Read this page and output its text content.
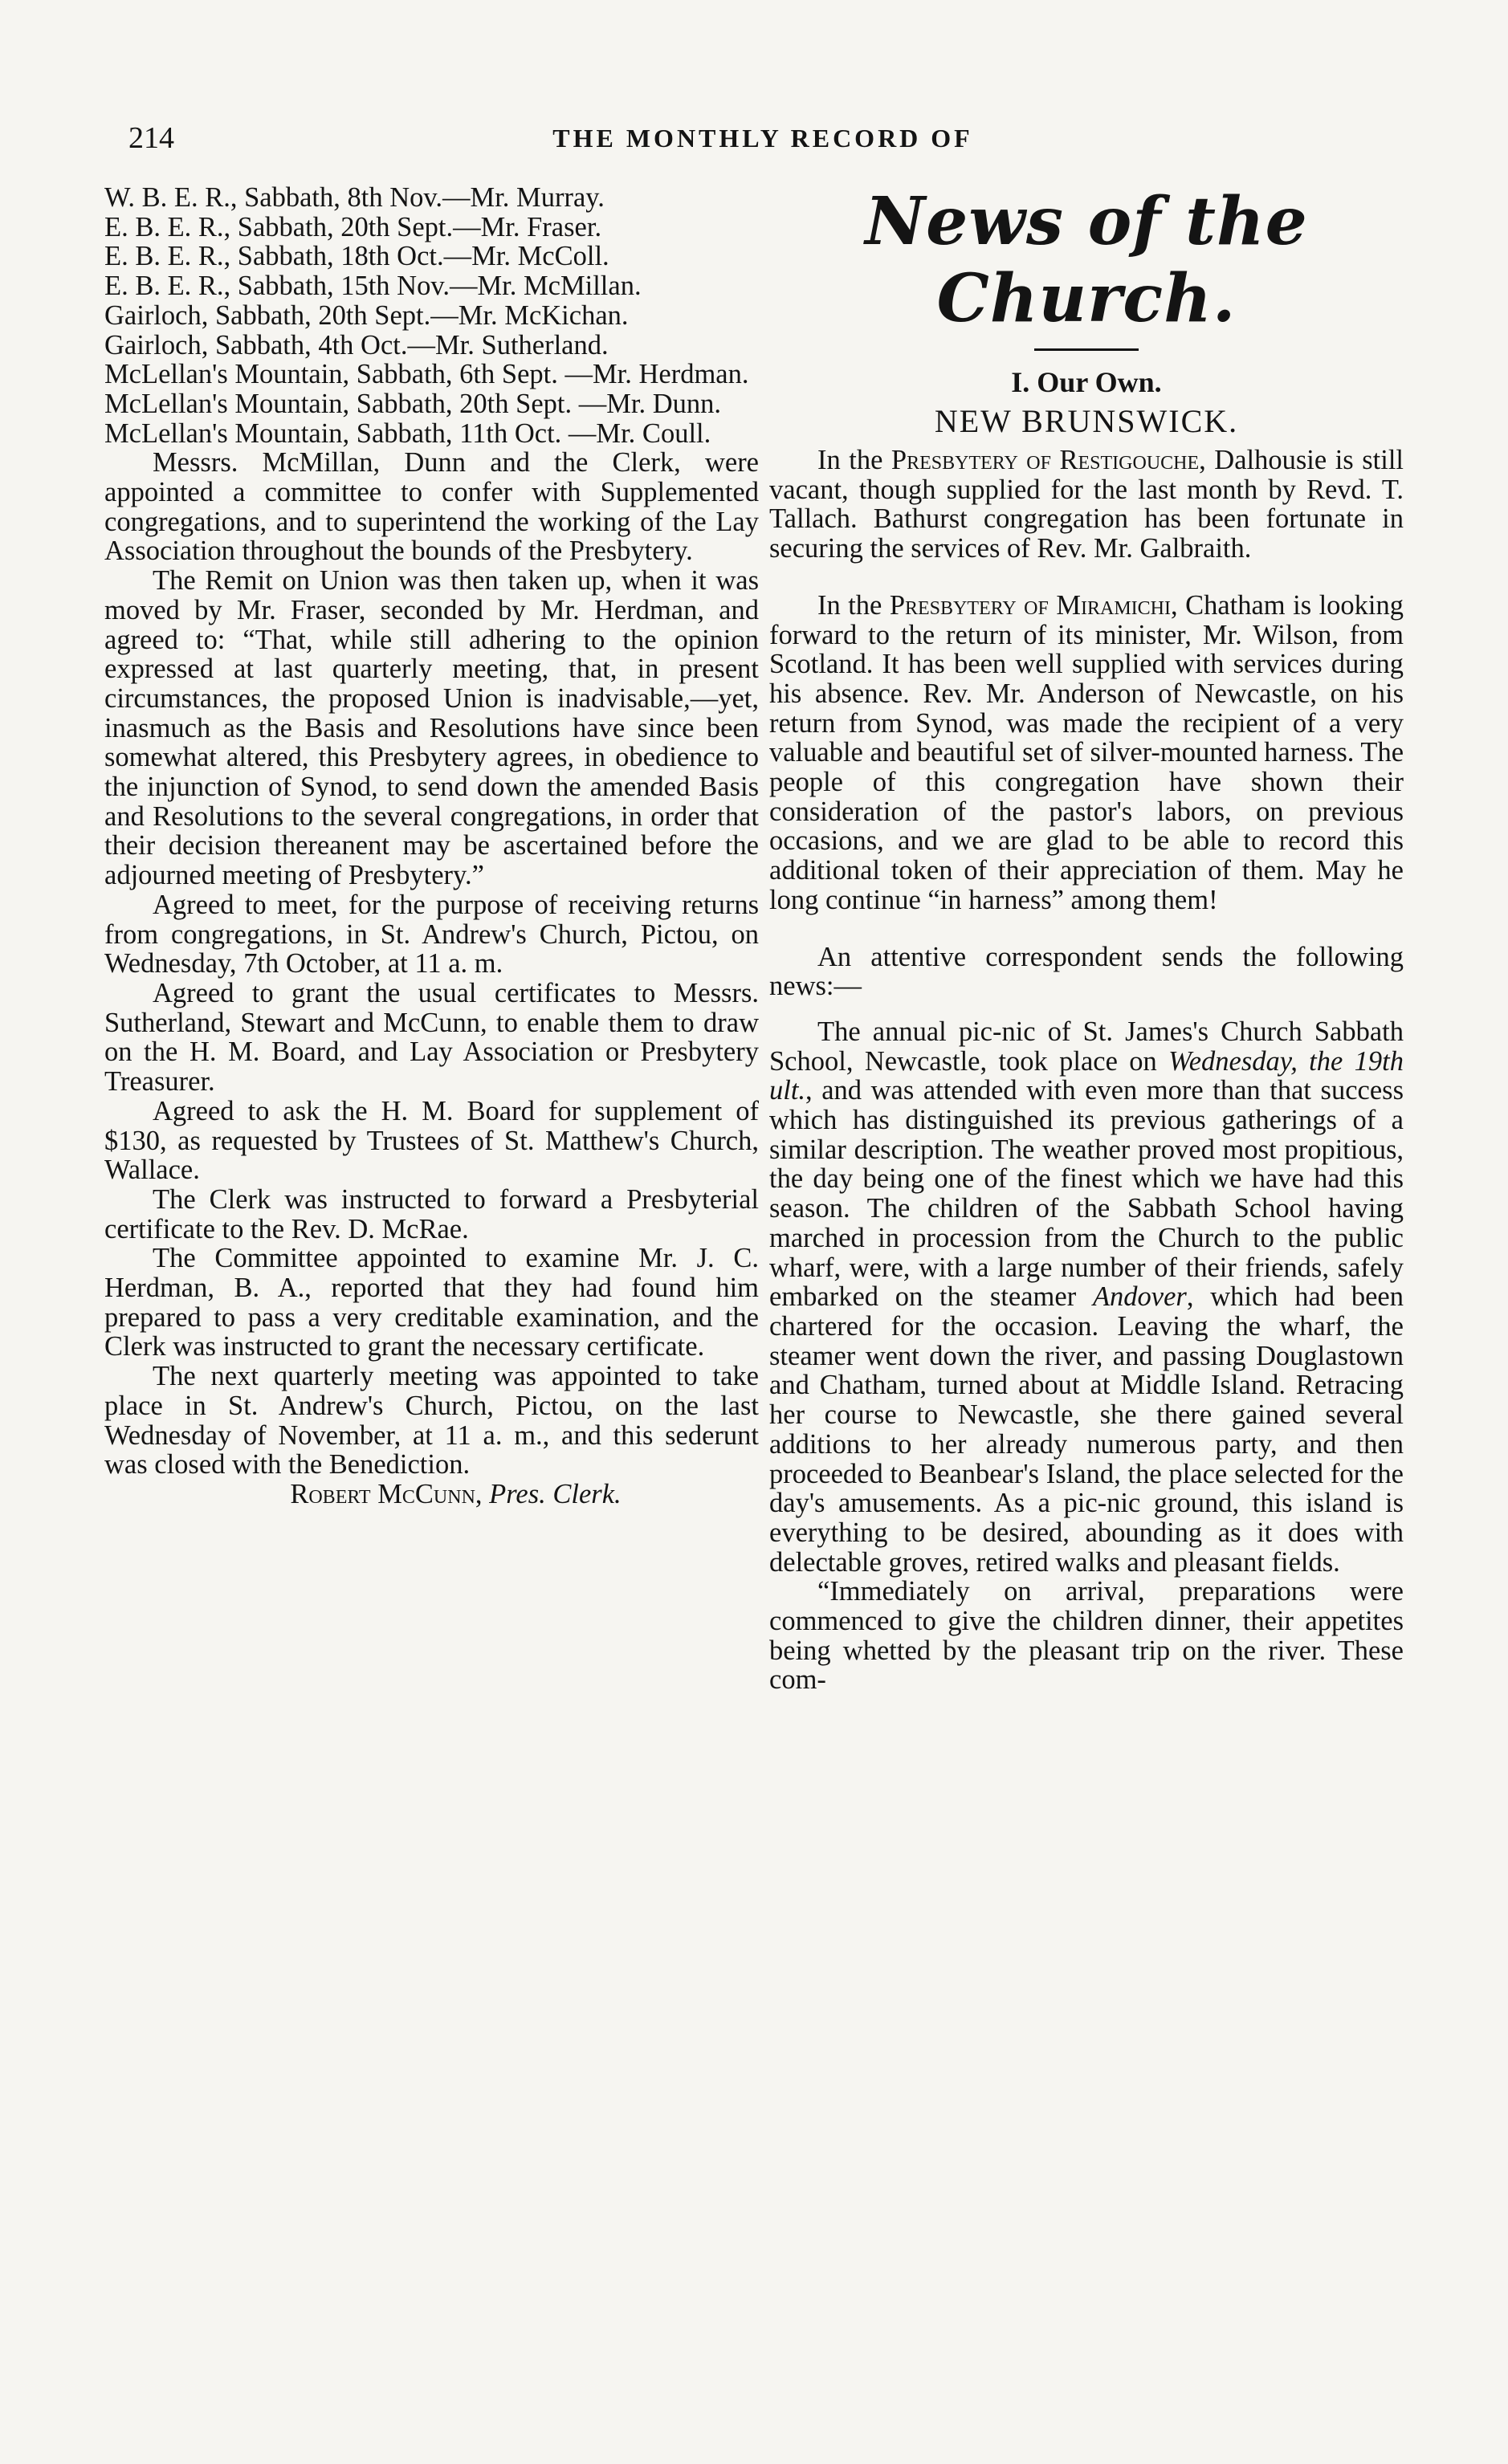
214	THE MONTHLY RECORD OF

W. B. E. R., Sabbath, 8th Nov.—Mr. Murray.

E. B. E. R., Sabbath, 20th Sept.—Mr. Fraser.

E. B. E. R., Sabbath, 18th Oct.—Mr. McColl.

E. B. E. R., Sabbath, 15th Nov.—Mr. McMillan.

Gairloch, Sabbath, 20th Sept.—Mr. McKichan.

Gairloch, Sabbath, 4th Oct.—Mr. Sutherland.

McLellan's Mountain, Sabbath, 6th Sept. —Mr. Herdman.

McLellan's Mountain, Sabbath, 20th Sept. —Mr. Dunn.

McLellan's Mountain, Sabbath, 11th Oct. —Mr. Coull.

Messrs. McMillan, Dunn and the Clerk, were appointed a committee to confer with Supplemented congregations, and to superintend the working of the Lay Association throughout the bounds of the Presbytery.

The Remit on Union was then taken up, when it was moved by Mr. Fraser, seconded by Mr. Herdman, and agreed to: “That, while still adhering to the opinion expressed at last quarterly meeting, that, in present circumstances, the proposed Union is inadvisable,—yet, inasmuch as the Basis and Resolutions have since been somewhat altered, this Presbytery agrees, in obedience to the injunction of Synod, to send down the amended Basis and Resolutions to the several congregations, in order that their decision thereanent may be ascertained before the adjourned meeting of Presbytery.”

Agreed to meet, for the purpose of receiving returns from congregations, in St. Andrew's Church, Pictou, on Wednesday, 7th October, at 11 a. m.

Agreed to grant the usual certificates to Messrs. Sutherland, Stewart and McCunn, to enable them to draw on the H. M. Board, and Lay Association or Presbytery Treasurer.

Agreed to ask the H. M. Board for supplement of $130, as requested by Trustees of St. Matthew's Church, Wallace.

The Clerk was instructed to forward a Presbyterial certificate to the Rev. D. McRae.

The Committee appointed to examine Mr. J. C. Herdman, B. A., reported that they had found him prepared to pass a very creditable examination, and the Clerk was instructed to grant the necessary certificate.

The next quarterly meeting was appointed to take place in St. Andrew's Church, Pictou, on the last Wednesday of November, at 11 a. m., and this sederunt was closed with the Benediction.

Robert McCunn, Pres. Clerk.

News of the Church.
I. Our Own.
NEW BRUNSWICK.

In the Presbytery of Restigouche, Dalhousie is still vacant, though supplied for the last month by Revd. T. Tallach. Bathurst congregation has been fortunate in securing the services of Rev. Mr. Galbraith.

In the Presbytery of Miramichi, Chatham is looking forward to the return of its minister, Mr. Wilson, from Scotland. It has been well supplied with services during his absence. Rev. Mr. Anderson of Newcastle, on his return from Synod, was made the recipient of a very valuable and beautiful set of silver-mounted harness. The people of this congregation have shown their consideration of the pastor's labors, on previous occasions, and we are glad to be able to record this additional token of their appreciation of them. May he long continue “in harness” among them!

An attentive correspondent sends the following news:—

The annual pic-nic of St. James's Church Sabbath School, Newcastle, took place on Wednesday, the 19th ult., and was attended with even more than that success which has distinguished its previous gatherings of a similar description. The weather proved most propitious, the day being one of the finest which we have had this season. The children of the Sabbath School having marched in procession from the Church to the public wharf, were, with a large number of their friends, safely embarked on the steamer Andover, which had been chartered for the occasion. Leaving the wharf, the steamer went down the river, and passing Douglastown and Chatham, turned about at Middle Island. Retracing her course to Newcastle, she there gained several additions to her already numerous party, and then proceeded to Beanbear's Island, the place selected for the day's amusements. As a pic-nic ground, this island is everything to be desired, abounding as it does with delectable groves, retired walks and pleasant fields.

“Immediately on arrival, preparations were commenced to give the children dinner, their appetites being whetted by the pleasant trip on the river. These com-
